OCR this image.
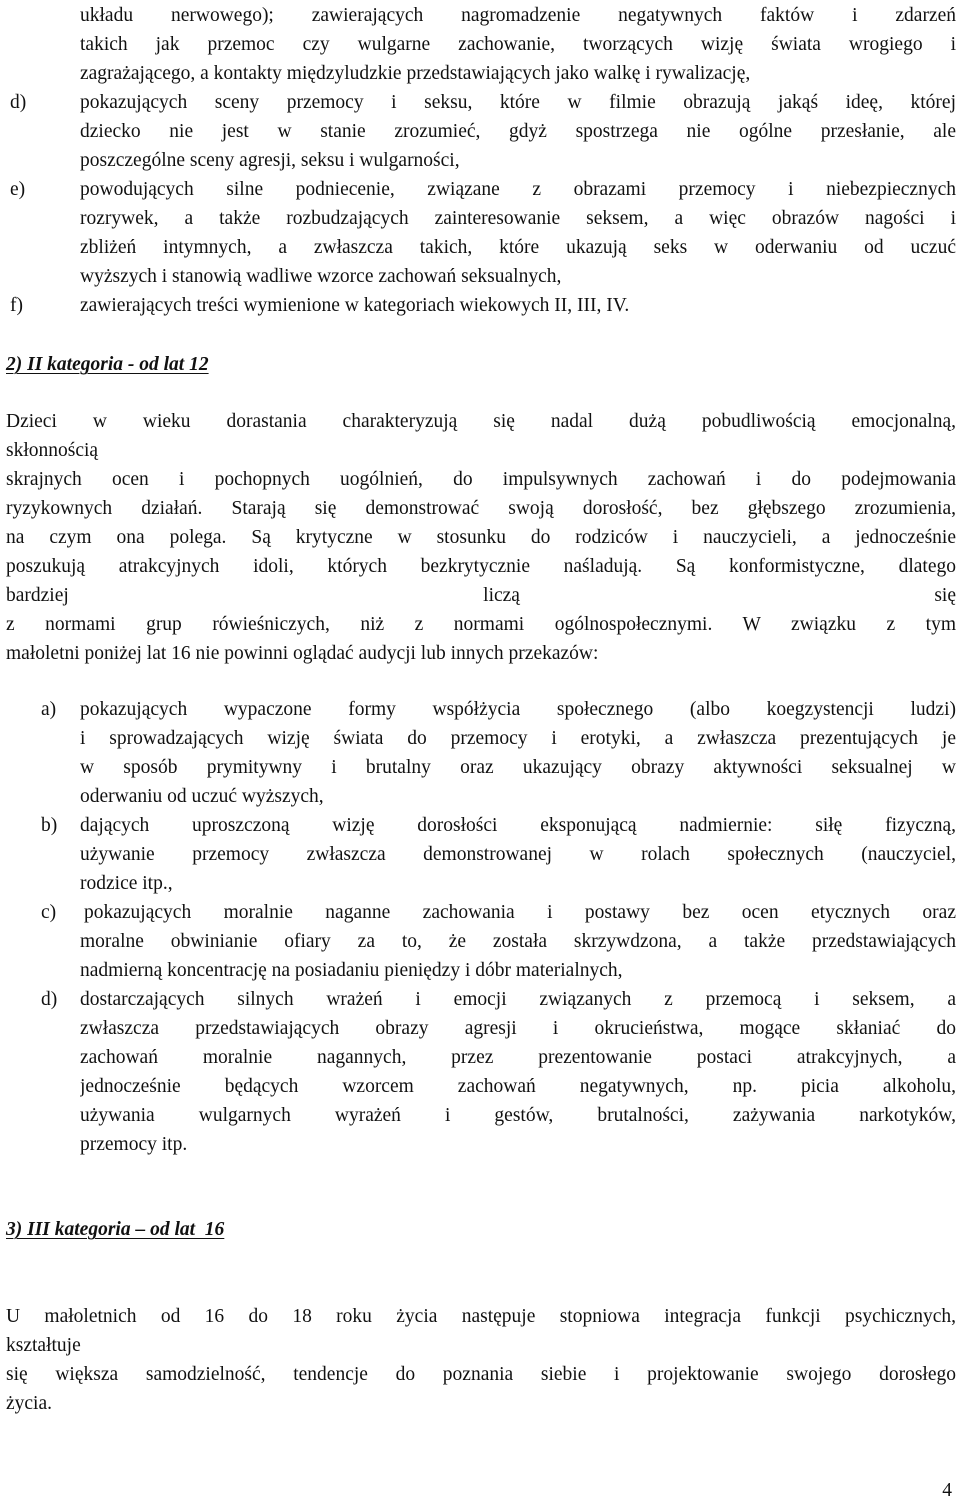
układu nerwowego); zawierających nagromadzenie negatywnych faktów i zdarzeń
takich jak przemoc czy wulgarne zachowanie, tworzących wizję świata wrogiego i
zagrażającego, a kontakty międzyludzkie przedstawiających jako walkę i rywalizację,
d)	pokazujących sceny przemocy i seksu, które w filmie obrazują jakąś ideę, której
dziecko nie jest w stanie zrozumieć, gdyż spostrzega nie ogólne przesłanie, ale
poszczególne sceny agresji, seksu i wulgarności,
e)	powodujących silne podniecenie, związane z obrazami przemocy i niebezpiecznych
rozrywek, a także rozbudzających zainteresowanie seksem, a więc obrazów nagości i
zbliżeń intymnych, a zwłaszcza takich, które ukazują seks w oderwaniu od uczuć
wyższych i stanowią wadliwe wzorce zachowań seksualnych,
f)	zawierających treści wymienione w kategoriach wiekowych II, III, IV.
2) II kategoria - od lat 12
Dzieci w wieku dorastania charakteryzują się nadal dużą pobudliwością emocjonalną,
skłonnością
skrajnych ocen i pochopnych uogólnień, do impulsywnych zachowań i do podejmowania
ryzykownych działań. Starają się demonstrować swoją dorosłość, bez głębszego zrozumienia,
na czym ona polega. Są krytyczne w stosunku do rodziców i nauczycieli, a jednocześnie
poszukują atrakcyjnych idoli, których bezkrytycznie naśladują. Są konformistyczne, dlatego
bardziej liczą się
z normami grup rówieśniczych, niż z normami ogólnospołecznymi. W związku z tym
małoletni poniżej lat 16 nie powinni oglądać audycji lub innych przekazów:
a) pokazujących wypaczone formy współżycia społecznego (albo koegzystencji ludzi)
i sprowadzających wizję świata do przemocy i erotyki, a zwłaszcza prezentujących je
w sposób prymitywny i brutalny oraz ukazujący obrazy aktywności seksualnej w
oderwaniu od uczuć wyższych,
b) dających uproszczoną wizję dorosłości eksponującą nadmiernie: siłę fizyczną,
używanie przemocy zwłaszcza demonstrowanej w rolach społecznych (nauczyciel,
rodzice itp.,
c) pokazujących moralnie naganne zachowania i postawy bez ocen etycznych oraz
moralne obwinianie ofiary za to, że została skrzywdzona, a także przedstawiających
nadmierną koncentrację na posiadaniu pieniędzy i dóbr materialnych,
d) dostarczających silnych wrażeń i emocji związanych z przemocą i seksem, a
zwłaszcza przedstawiających obrazy agresji i okrucieństwa, mogące skłaniać do
zachowań moralnie nagannych, przez prezentowanie postaci atrakcyjnych, a
jednocześnie będących wzorcem zachowań negatywnych, np. picia alkoholu,
używania wulgarnych wyrażeń i gestów, brutalności, zażywania narkotyków,
przemocy itp.
3) III kategoria – od lat  16
U małoletnich od 16 do 18 roku życia następuje stopniowa integracja funkcji psychicznych,
kształtuje
się większa samodzielność, tendencje do poznania siebie i projektowanie swojego dorosłego
życia.
4
